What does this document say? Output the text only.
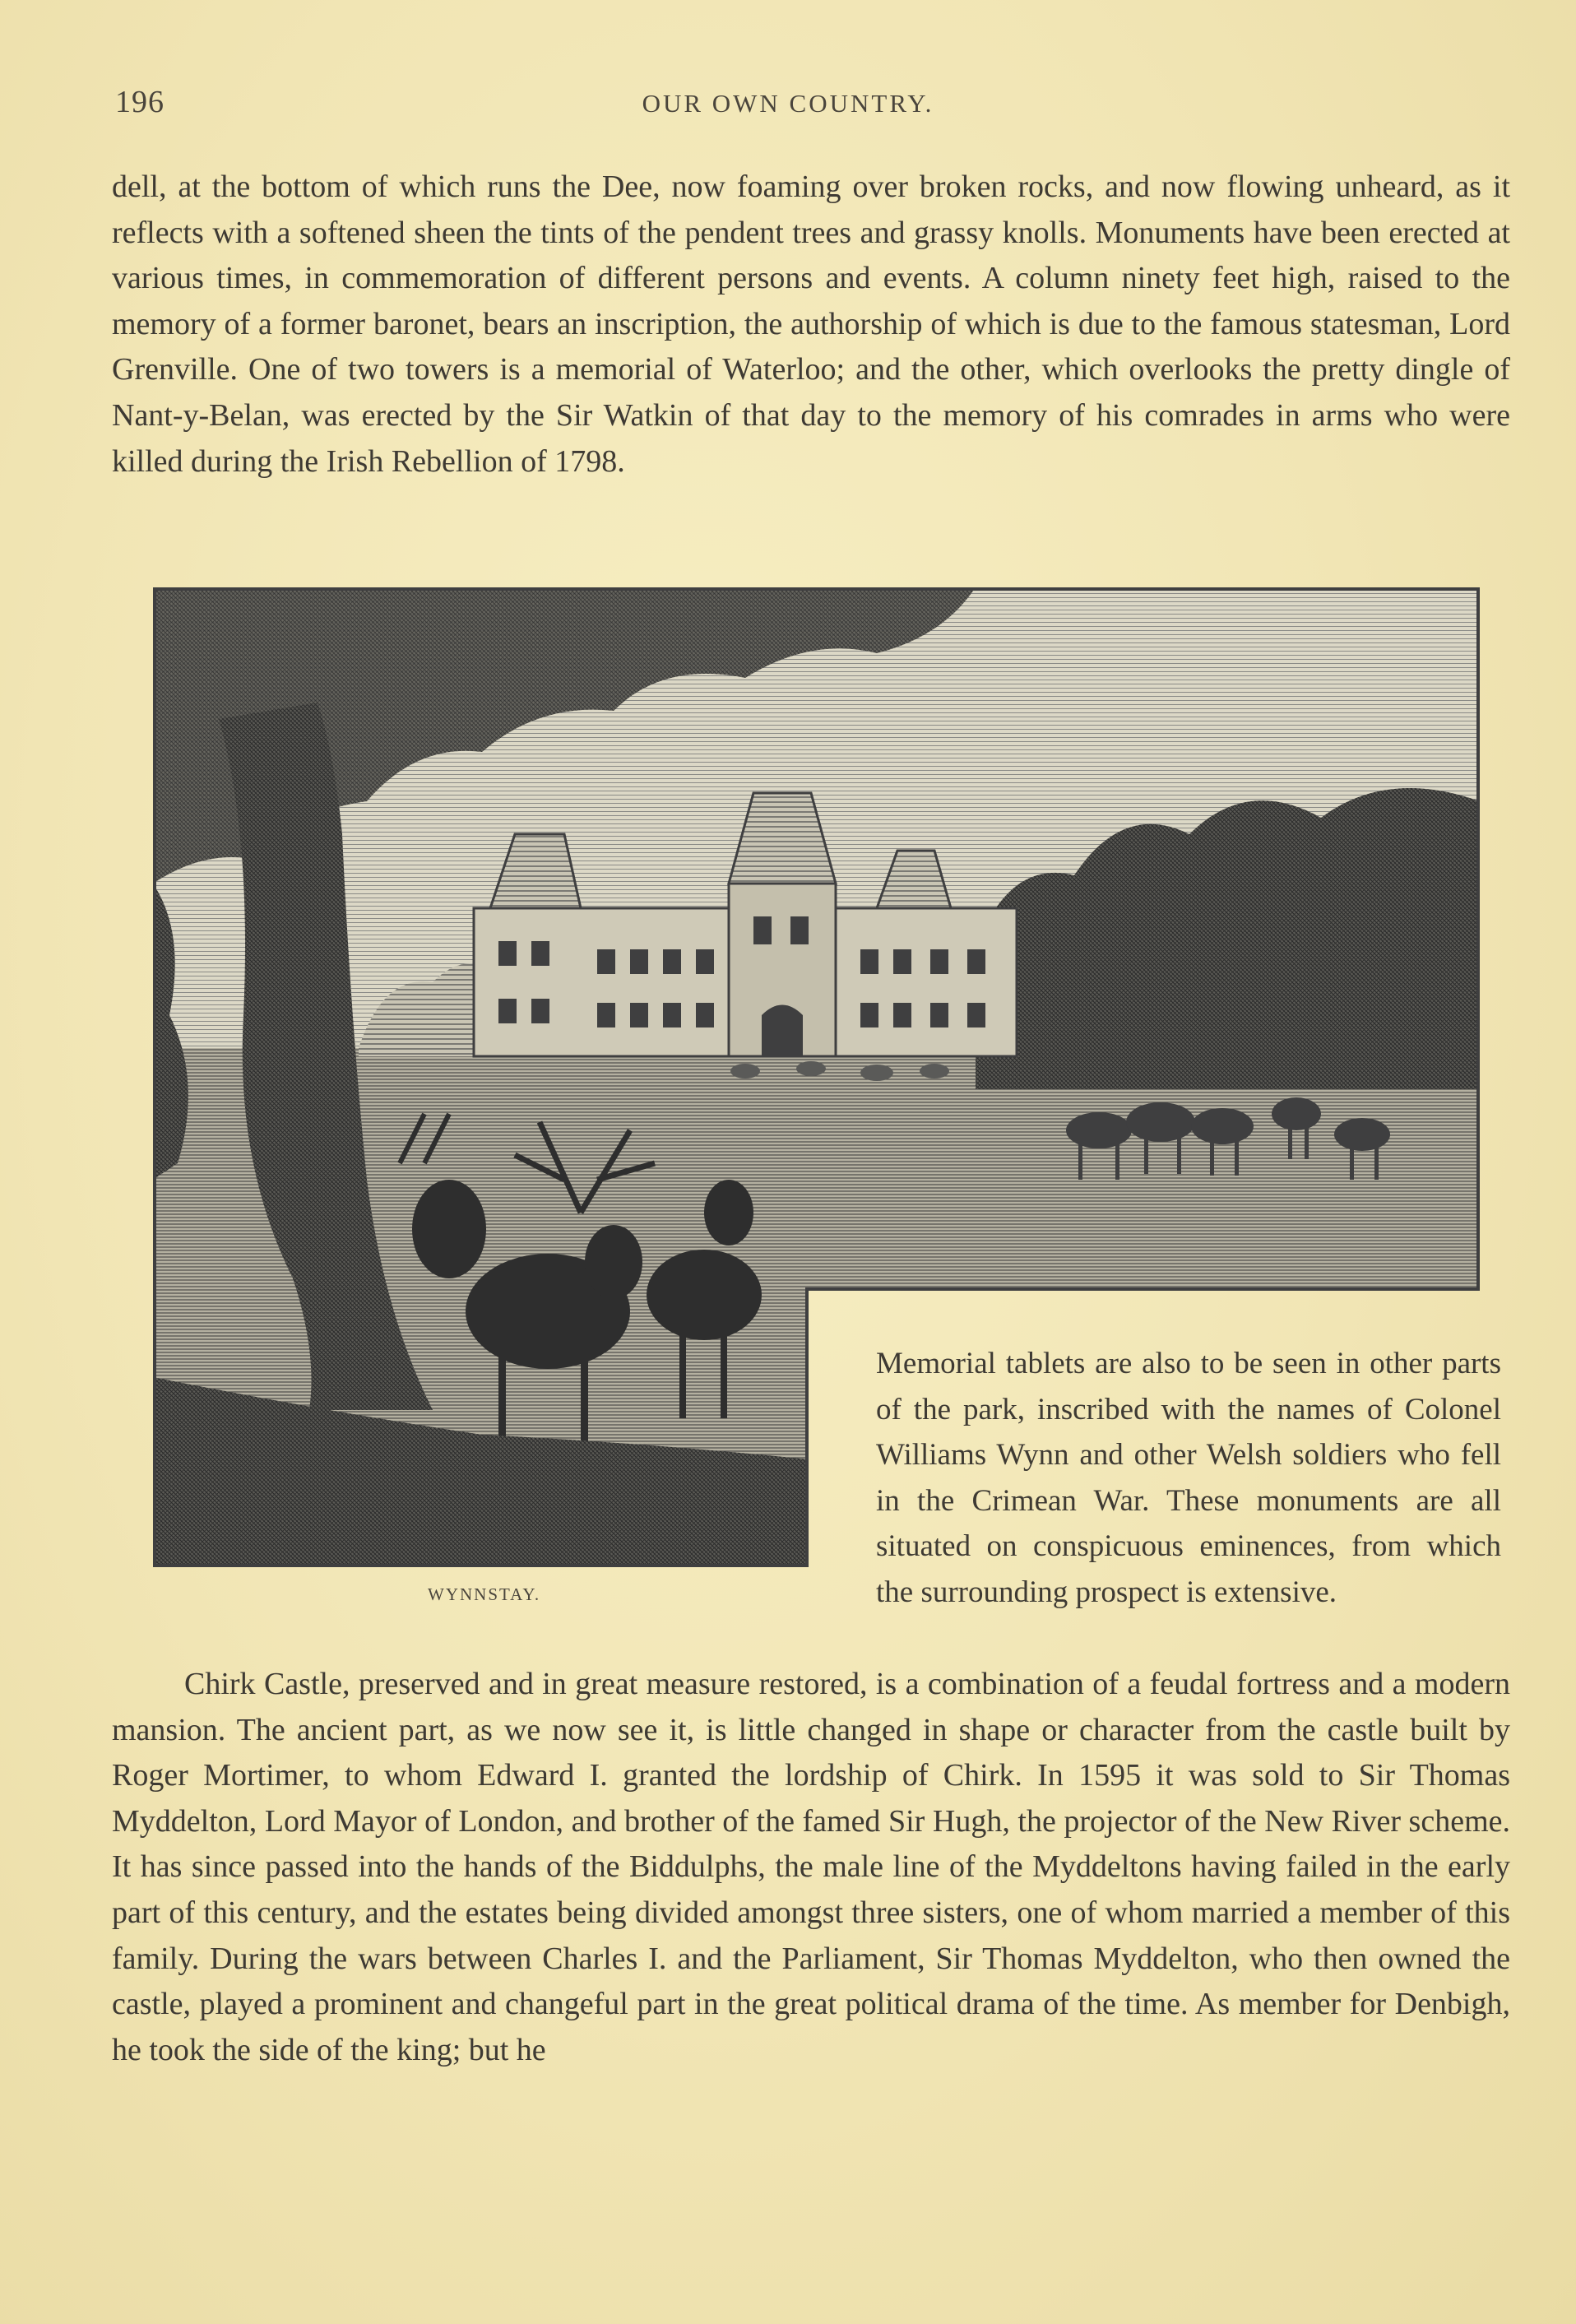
196	OUR OWN COUNTRY.

dell, at the bottom of which runs the Dee, now foaming over broken rocks, and now flowing unheard, as it reflects with a softened sheen the tints of the pendent trees and grassy knolls. Monuments have been erected at various times, in commemoration of different persons and events. A column ninety feet high, raised to the memory of a former baronet, bears an inscription, the authorship of which is due to the famous statesman, Lord Grenville. One of two towers is a memorial of Waterloo; and the other, which overlooks the pretty dingle of Nant-y-Belan, was erected by the Sir Watkin of that day to the memory of his comrades in arms who were killed during the Irish Rebellion of 1798.

WYNNSTAY.

Memorial tablets are also to be seen in other parts of the park, inscribed with the names of Colonel Williams Wynn and other Welsh soldiers who fell in the Crimean War. These monuments are all situated on conspicuous eminences, from which the surrounding prospect is extensive.

Chirk Castle, preserved and in great measure restored, is a combination of a feudal fortress and a modern mansion. The ancient part, as we now see it, is little changed in shape or character from the castle built by Roger Mortimer, to whom Edward I. granted the lordship of Chirk. In 1595 it was sold to Sir Thomas Myddelton, Lord Mayor of London, and brother of the famed Sir Hugh, the projector of the New River scheme. It has since passed into the hands of the Biddulphs, the male line of the Myddeltons having failed in the early part of this century, and the estates being divided amongst three sisters, one of whom married a member of this family. During the wars between Charles I. and the Parliament, Sir Thomas Myddelton, who then owned the castle, played a prominent and changeful part in the great political drama of the time. As member for Denbigh, he took the side of the king; but he
